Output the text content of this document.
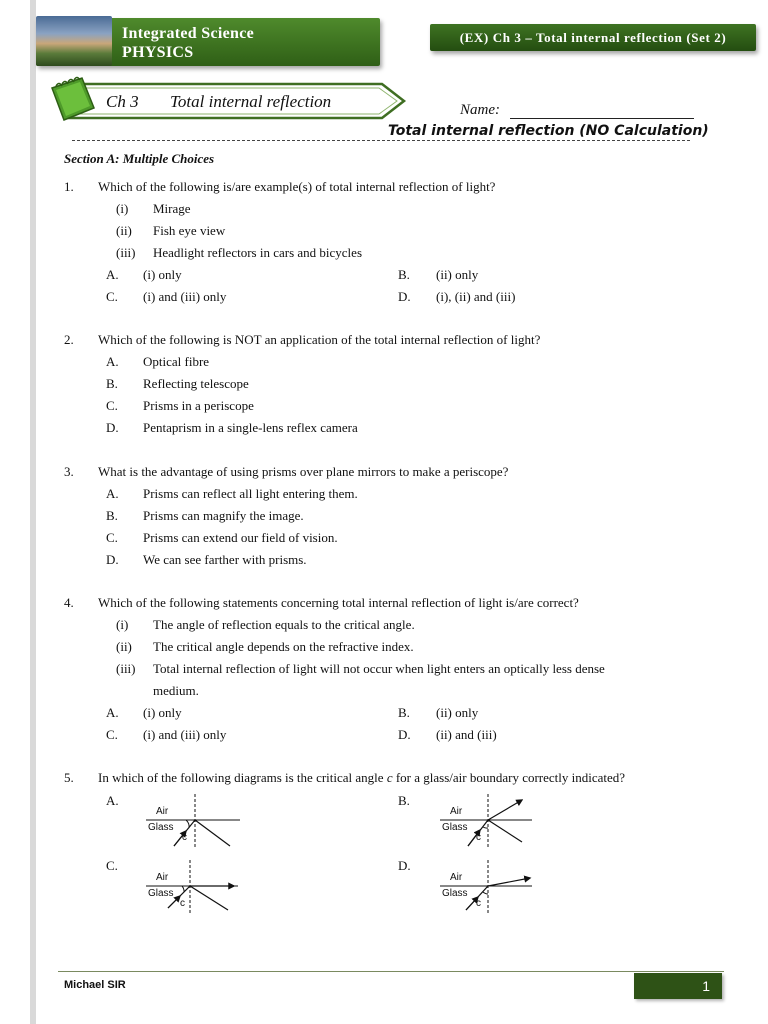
Integrated Science
PHYSICS
(EX) Ch 3 – Total internal reflection (Set 2)
Ch 3 Total internal reflection	Name:
Total internal reflection (NO Calculation)
Section A: Multiple Choices
1. Which of the following is/are example(s) of total internal reflection of light?
(i) Mirage
(ii) Fish eye view
(iii) Headlight reflectors in cars and bicycles
A. (i) only	B. (ii) only
C. (i) and (iii) only	D. (i), (ii) and (iii)
2. Which of the following is NOT an application of the total internal reflection of light?
A. Optical fibre
B. Reflecting telescope
C. Prisms in a periscope
D. Pentaprism in a single-lens reflex camera
3. What is the advantage of using prisms over plane mirrors to make a periscope?
A. Prisms can reflect all light entering them.
B. Prisms can magnify the image.
C. Prisms can extend our field of vision.
D. We can see farther with prisms.
4. Which of the following statements concerning total internal reflection of light is/are correct?
(i) The angle of reflection equals to the critical angle.
(ii) The critical angle depends on the refractive index.
(iii) Total internal reflection of light will not occur when light enters an optically less dense
medium.
A. (i) only	B. (ii) only
C. (i) and (iii) only	D. (ii) and (iii)
5. In which of the following diagrams is the critical angle c for a glass/air boundary correctly indicated?
A.	B.
C.	D.
Air
Glass
c
Air
Glass
c
Air
Glass
c
Air
Glass
c
Michael SIR	1
